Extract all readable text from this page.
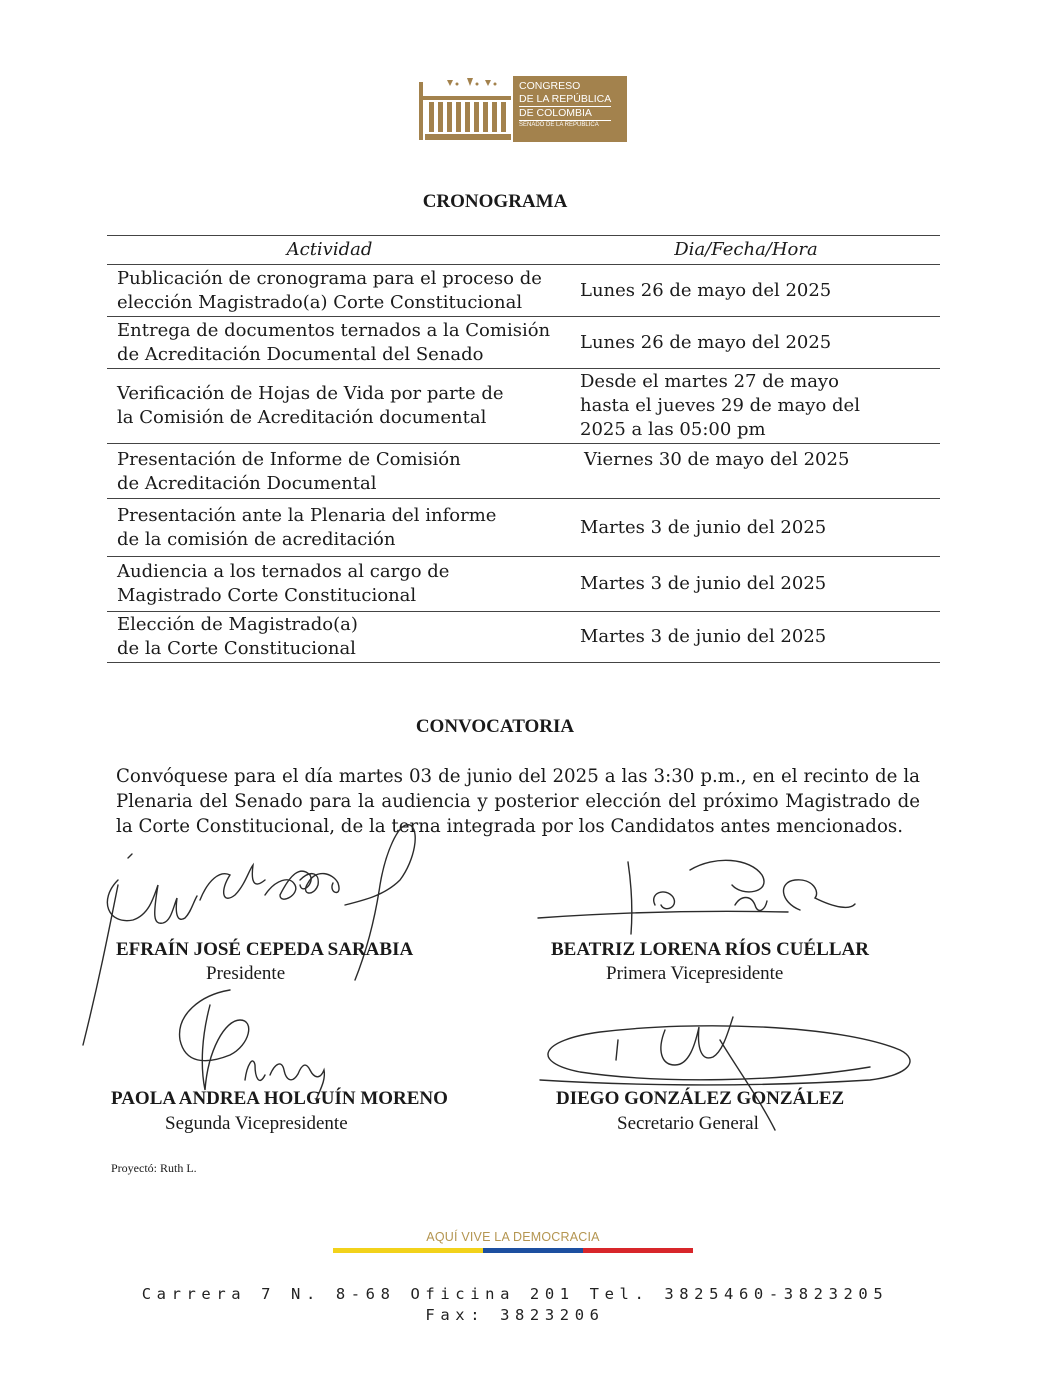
CONGRESO
DE LA REPÚBLICA
DE COLOMBIA
SENADO DE LA REPÚBLICA
CRONOGRAMA
Actividad	Dia/Fecha/Hora
Publicación de cronograma para el proceso de
elección Magistrado(a) Corte Constitucional	Lunes 26 de mayo del 2025
Entrega de documentos ternados a la Comisión
de Acreditación Documental del Senado	Lunes 26 de mayo del 2025
Verificación de Hojas de Vida por parte de
la Comisión de Acreditación documental	Desde el martes 27 de mayo
hasta el jueves 29 de mayo del
2025 a las 05:00 pm
Presentación de Informe de Comisión
de Acreditación Documental	Viernes 30 de mayo del 2025
Presentación ante la Plenaria del informe
de la comisión de acreditación	Martes 3 de junio del 2025
Audiencia a los ternados al cargo de
Magistrado Corte Constitucional	Martes 3 de junio del 2025
Elección de Magistrado(a)
de la Corte Constitucional	Martes 3 de junio del 2025
CONVOCATORIA
Convóquese para el día martes 03 de junio del 2025 a las 3:30 p.m., en el recinto de la Plenaria del Senado para la audiencia y posterior elección del próximo Magistrado de la Corte Constitucional, de la terna integrada por los Candidatos antes mencionados.
EFRAÍN JOSÉ CEPEDA SARABIA
Presidente
BEATRIZ LORENA RÍOS CUÉLLAR
Primera Vicepresidente
PAOLA ANDREA HOLGUÍN MORENO
Segunda Vicepresidente
DIEGO GONZÁLEZ GONZÁLEZ
Secretario General
Proyectó: Ruth L.
AQUÍ VIVE LA DEMOCRACIA
Carrera 7 N. 8-68 Oficina 201 Tel. 3825460-3823205
Fax: 3823206
